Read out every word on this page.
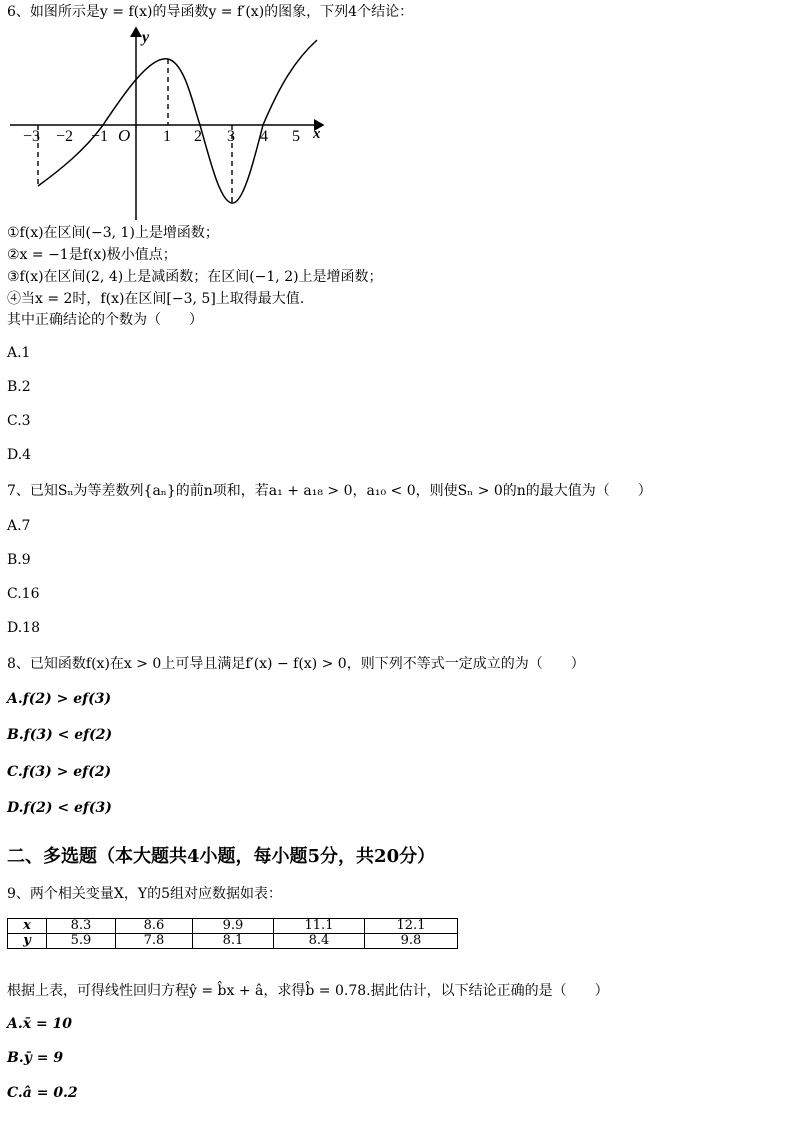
6、如图所示是y = f(x)的导函数y = f′(x)的图象，下列4个结论：
y
x
O
−3 −2 −1	1 2 3 4 5
①f(x)在区间(−3, 1)上是增函数；
②x = −1是f(x)极小值点；
③f(x)在区间(2, 4)上是减函数；在区间(−1, 2)上是增函数；
④当x = 2时，f(x)在区间[−3, 5]上取得最大值.
其中正确结论的个数为（　　）
A.1
B.2
C.3
D.4
7、已知Sₙ为等差数列{aₙ}的前n项和，若a₁ + a₁₈ > 0，a₁₀ < 0，则使Sₙ > 0的n的最大值为（　　）
A.7
B.9
C.16
D.18
8、已知函数f(x)在x > 0上可导且满足f′(x) − f(x) > 0，则下列不等式一定成立的为（　　）
A.f(2) > ef(3)
B.f(3) < ef(2)
C.f(3) > ef(2)
D.f(2) < ef(3)
二、多选题（本大题共4小题，每小题5分，共20分）
9、两个相关变量X，Y的5组对应数据如表：
x	8.3	8.6	9.9	11.1	12.1
y	5.9	7.8	8.1	8.4	9.8
根据上表，可得线性回归方程ŷ = b̂x + â，求得b̂ = 0.78.据此估计，以下结论正确的是（　　）
A.x̄ = 10
B.ȳ = 9
C.â = 0.2
